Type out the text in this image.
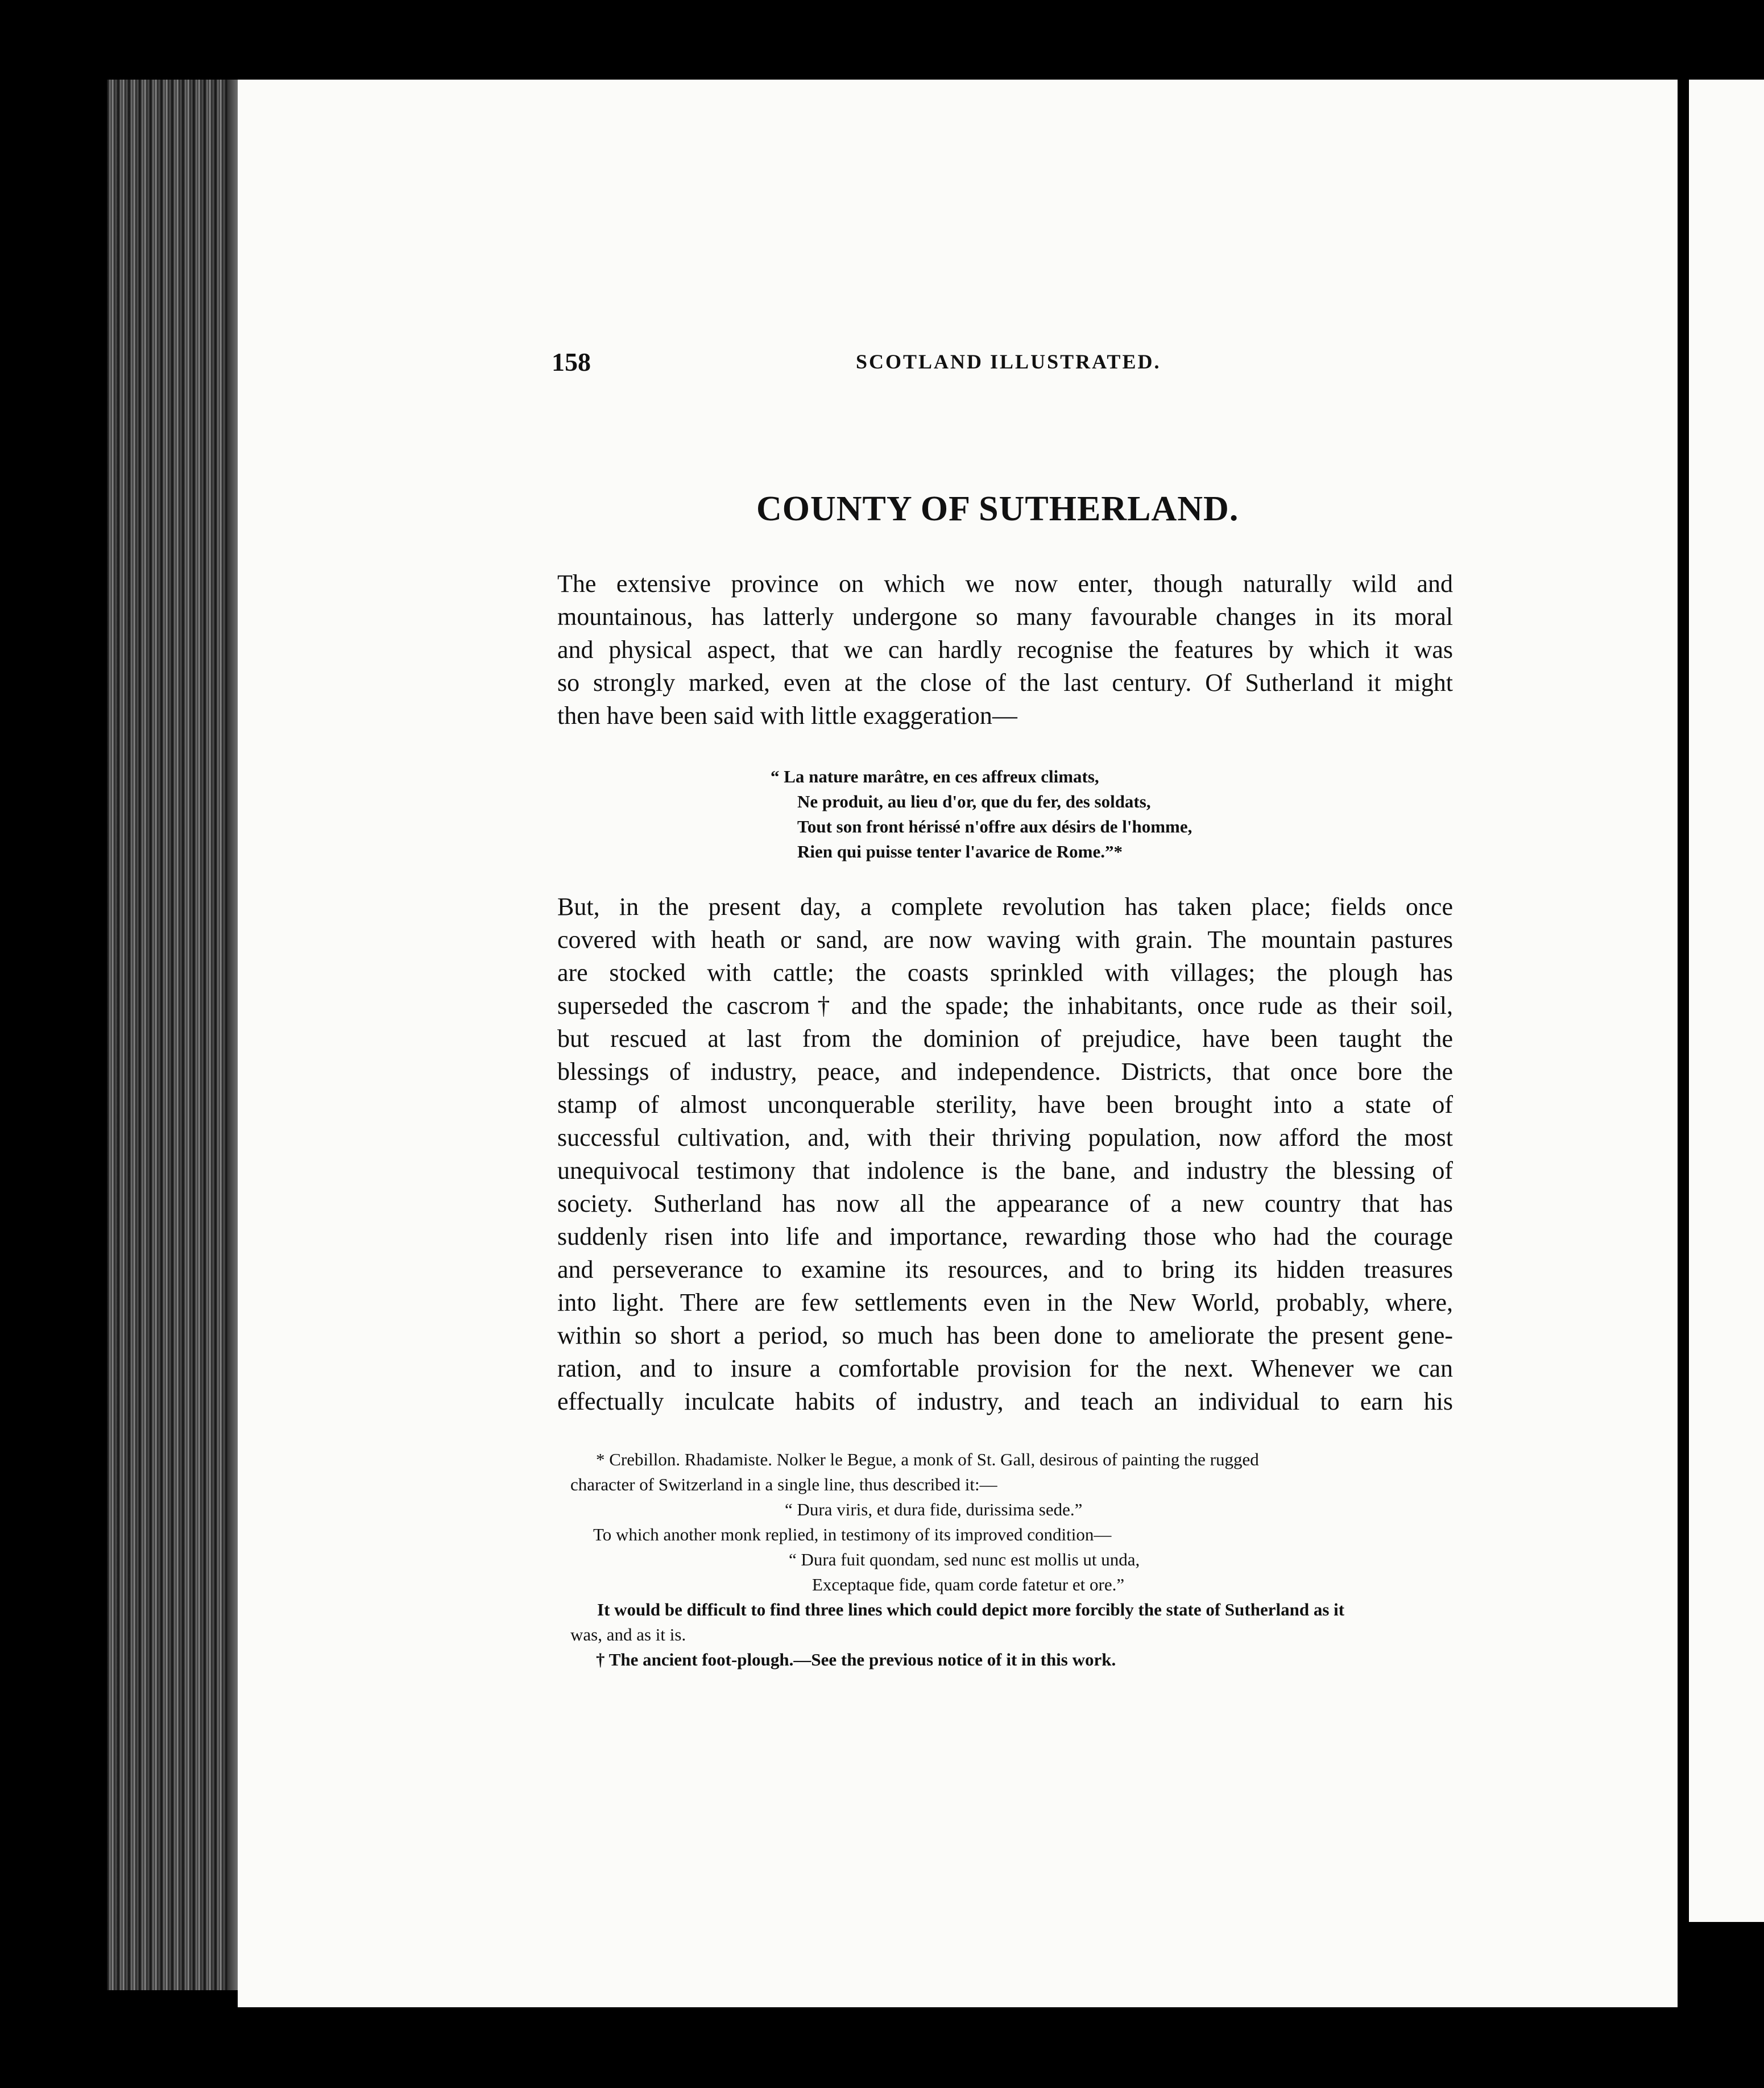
158	SCOTLAND ILLUSTRATED.
COUNTY OF SUTHERLAND.
The extensive province on which we now enter, though naturally wild and
mountainous, has latterly undergone so many favourable changes in its moral
and physical aspect, that we can hardly recognise the features by which it was
so strongly marked, even at the close of the last century. Of Sutherland it might
then have been said with little exaggeration—
“ La nature marâtre, en ces affreux climats,
Ne produit, au lieu d'or, que du fer, des soldats,
Tout son front hérissé n'offre aux désirs de l'homme,
Rien qui puisse tenter l'avarice de Rome.”*
But, in the present day, a complete revolution has taken place; fields once
covered with heath or sand, are now waving with grain. The mountain pastures
are stocked with cattle; the coasts sprinkled with villages; the plough has
superseded the cascrom† and the spade; the inhabitants, once rude as their soil,
but rescued at last from the dominion of prejudice, have been taught the
blessings of industry, peace, and independence. Districts, that once bore the
stamp of almost unconquerable sterility, have been brought into a state of
successful cultivation, and, with their thriving population, now afford the most
unequivocal testimony that indolence is the bane, and industry the blessing of
society. Sutherland has now all the appearance of a new country that has
suddenly risen into life and importance, rewarding those who had the courage
and perseverance to examine its resources, and to bring its hidden treasures
into light. There are few settlements even in the New World, probably, where,
within so short a period, so much has been done to ameliorate the present gene-
ration, and to insure a comfortable provision for the next. Whenever we can
effectually inculcate habits of industry, and teach an individual to earn his
* Crebillon. Rhadamiste. Nolker le Begue, a monk of St. Gall, desirous of painting the rugged
character of Switzerland in a single line, thus described it:—
“ Dura viris, et dura fide, durissima sede.”
To which another monk replied, in testimony of its improved condition—
“ Dura fuit quondam, sed nunc est mollis ut unda,
Exceptaque fide, quam corde fatetur et ore.”
It would be difficult to find three lines which could depict more forcibly the state of Sutherland as it
was, and as it is.
† The ancient foot-plough.—See the previous notice of it in this work.
